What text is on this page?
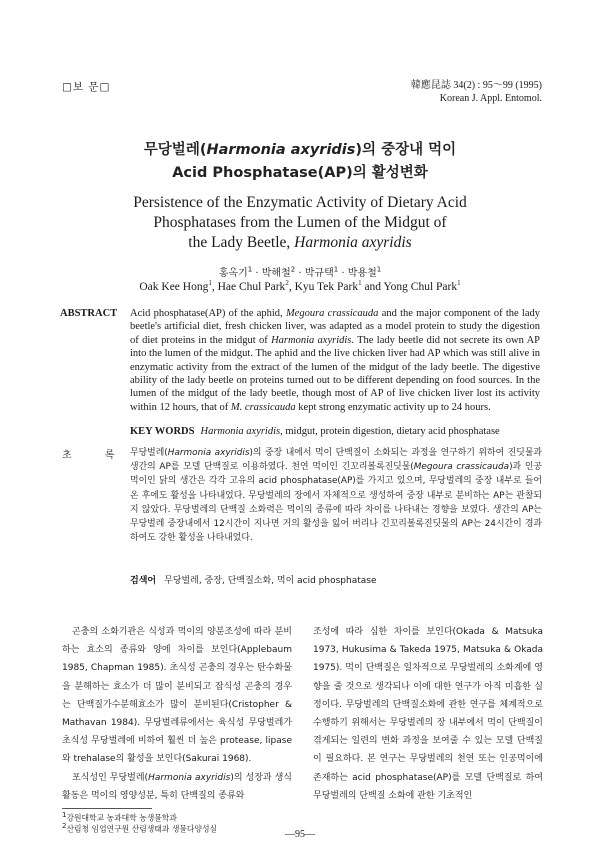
□보 문□	韓應昆誌 34(2) : 95～99 (1995)
Korean J. Appl. Entomol.
무당벌레(Harmonia axyridis)의 중장내 먹이
Acid Phosphatase(AP)의 활성변화
Persistence of the Enzymatic Activity of Dietary Acid
Phosphatases from the Lumen of the Midgut of
the Lady Beetle, Harmonia axyridis
홍옥기$^1$ · 박해철$^2$ · 박규택$^1$ · 박용철$^1$
Oak Kee Hong$^1$, Hae Chul Park$^2$, Kyu Tek Park$^1$ and Yong Chul Park$^1$
ABSTRACT Acid phosphatase(AP) of the aphid, Megoura crassicauda and the major component of the lady beetle's artificial diet, fresh chicken liver, was adapted as a model protein to study the digestion of diet proteins in the midgut of Harmonia axyridis. The lady beetle did not secrete its own AP into the lumen of the midgut. The aphid and the live chicken liver had AP which was still alive in enzymatic activity from the extract of the lumen of the midgut of the lady beetle. The digestive ability of the lady beetle on proteins turned out to be different depending on food sources. In the lumen of the midgut of the lady beetle, though most of AP of live chicken liver lost its activity within 12 hours, that of M. crassicauda kept strong enzymatic activity up to 24 hours.
KEY WORDS Harmonia axyridis, midgut, protein digestion, dietary acid phosphatase
초 록 무당벌레(Harmonia axyridis)의 중장 내에서 먹이 단백질이 소화되는 과정을 연구하기 위하여 진딧물과 생간의 AP를 모델 단백질로 이용하였다. 천연 먹이인 긴꼬리볼록진딧물(Megoura crassicauda)과 인공먹이인 닭의 생간은 각각 고유의 acid phosphatase(AP)를 가지고 있으며, 무당벌레의 중장 내부로 들어온 후에도 활성을 나타내었다. 무당벌레의 장에서 자체적으로 생성하여 중장 내부로 분비하는 AP는 관찰되지 않았다. 무당벌레의 단백질 소화력은 먹이의 종류에 따라 차이를 나타내는 경향을 보였다. 생간의 AP는 무당벌레 중장내에서 12시간이 지나면 거의 활성을 잃어 버리나 긴꼬리볼록진딧물의 AP는 24시간이 경과하여도 강한 활성을 나타내었다.
검색어 무당벌레, 중장, 단백질소화, 먹이 acid phosphatase

곤충의 소화기관은 식성과 먹이의 양분조성에 따라 분비하는 효소의 종류와 양에 차이를 보인다(Applebaum 1985, Chapman 1985). 초식성 곤충의 경우는 탄수화물을 분해하는 효소가 더 많이 분비되고 잡식성 곤충의 경우는 단백질가수분해효소가 많이 분비된다(Cristopher & Mathavan 1984). 무당벌레류에서는 육식성 무당벌레가 초식성 무당벌레에 비하여 훨씬 더 높은 protease, lipase와 trehalase의 활성을 보인다(Sakurai 1968).

포식성인 무당벌레(Harmonia axyridis)의 성장과 생식활동은 먹이의 영양성분, 특히 단백질의 종류와

조성에 따라 심한 차이를 보인다(Okada & Matsuka 1973, Hukusima & Takeda 1975, Matsuka & Okada 1975). 먹이 단백질은 일차적으로 무당벌레의 소화계에 영향을 줄 것으로 생각되나 이에 대한 연구가 아직 미흡한 실정이다. 무당벌레의 단백질소화에 관한 연구를 체계적으로 수행하기 위해서는 무당벌레의 장 내부에서 먹이 단백질이 겪게되는 일련의 변화 과정을 보여줄 수 있는 모델 단백질이 필요하다. 본 연구는 무당벌레의 천연 또는 인공먹이에 존재하는 acid phosphatase(AP)를 모델 단백질로 하여 무당벌레의 단백질 소화에 관한 기초적인

$^1$강원대학교 농과대학 농생물학과
$^2$산림청 임업연구원 산림생태과 생물다양성실	—95—
